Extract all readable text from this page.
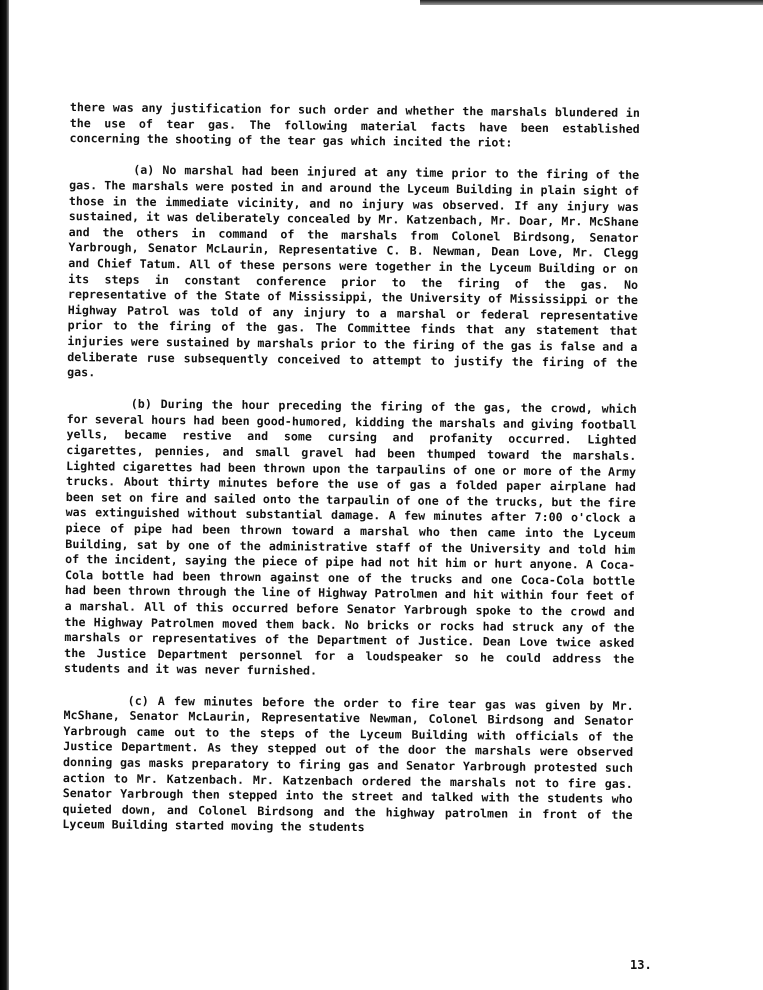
there was any justification for such order and whether the marshals blundered in the use of tear gas. The following material facts have been established concerning the shooting of the tear gas which incited the riot:

(a) No marshal had been injured at any time prior to the firing of the gas. The marshals were posted in and around the Lyceum Building in plain sight of those in the immediate vicinity, and no injury was observed. If any injury was sustained, it was deliberately concealed by Mr. Katzenbach, Mr. Doar, Mr. McShane and the others in command of the marshals from Colonel Birdsong, Senator Yarbrough, Senator McLaurin, Representative C. B. Newman, Dean Love, Mr. Clegg and Chief Tatum. All of these persons were together in the Lyceum Building or on its steps in constant conference prior to the firing of the gas. No representative of the State of Mississippi, the University of Mississippi or the Highway Patrol was told of any injury to a marshal or federal representative prior to the firing of the gas. The Committee finds that any statement that injuries were sustained by marshals prior to the firing of the gas is false and a deliberate ruse subsequently conceived to attempt to justify the firing of the gas.

(b) During the hour preceding the firing of the gas, the crowd, which for several hours had been good-humored, kidding the marshals and giving football yells, became restive and some cursing and profanity occurred. Lighted cigarettes, pennies, and small gravel had been thumped toward the marshals. Lighted cigarettes had been thrown upon the tarpaulins of one or more of the Army trucks. About thirty minutes before the use of gas a folded paper airplane had been set on fire and sailed onto the tarpaulin of one of the trucks, but the fire was extinguished without substantial damage. A few minutes after 7:00 o'clock a piece of pipe had been thrown toward a marshal who then came into the Lyceum Building, sat by one of the administrative staff of the University and told him of the incident, saying the piece of pipe had not hit him or hurt anyone. A Coca-Cola bottle had been thrown against one of the trucks and one Coca-Cola bottle had been thrown through the line of Highway Patrolmen and hit within four feet of a marshal. All of this occurred before Senator Yarbrough spoke to the crowd and the Highway Patrolmen moved them back. No bricks or rocks had struck any of the marshals or representatives of the Department of Justice. Dean Love twice asked the Justice Department personnel for a loudspeaker so he could address the students and it was never furnished.

(c) A few minutes before the order to fire tear gas was given by Mr. McShane, Senator McLaurin, Representative Newman, Colonel Birdsong and Senator Yarbrough came out to the steps of the Lyceum Building with officials of the Justice Department. As they stepped out of the door the marshals were observed donning gas masks preparatory to firing gas and Senator Yarbrough protested such action to Mr. Katzenbach. Mr. Katzenbach ordered the marshals not to fire gas. Senator Yarbrough then stepped into the street and talked with the students who quieted down, and Colonel Birdsong and the highway patrolmen in front of the Lyceum Building started moving the students

13.
